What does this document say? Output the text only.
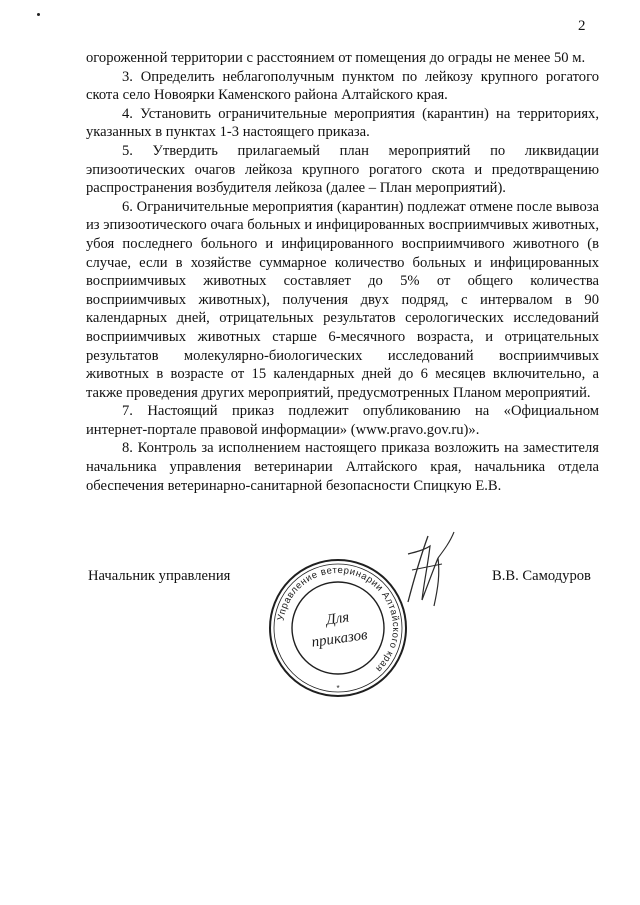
2

огороженной территории с расстоянием от помещения до ограды не менее 50 м.

3. Определить неблагополучным пунктом по лейкозу крупного рогатого скота село Новоярки Каменского района Алтайского края.

4. Установить ограничительные мероприятия (карантин) на территориях, указанных в пунктах 1-3 настоящего приказа.

5. Утвердить прилагаемый план мероприятий по ликвидации эпизоотических очагов лейкоза крупного рогатого скота и предотвращению распространения возбудителя лейкоза (далее – План мероприятий).

6. Ограничительные мероприятия (карантин) подлежат отмене после вывоза из эпизоотического очага больных и инфицированных восприимчивых животных, убоя последнего больного и инфицированного восприимчивого животного (в случае, если в хозяйстве суммарное количество больных и инфицированных восприимчивых животных составляет до 5% от общего количества восприимчивых животных), получения двух подряд, с интервалом в 90 календарных дней, отрицательных результатов серологических исследований восприимчивых животных старше 6-месячного возраста, и отрицательных результатов молекулярно-биологических исследований восприимчивых животных в возрасте от 15 календарных дней до 6 месяцев включительно, а также проведения других мероприятий, предусмотренных Планом мероприятий.

7. Настоящий приказ подлежит опубликованию на «Официальном интернет-портале правовой информации» (www.pravo.gov.ru)».

8. Контроль за исполнением настоящего приказа возложить на заместителя начальника управления ветеринарии Алтайского края, начальника отдела обеспечения ветеринарно-санитарной безопасности Спицкую Е.В.

Начальник управления	В.В. Самодуров
Управление ветеринарии Алтайского края
Для
приказов
*
